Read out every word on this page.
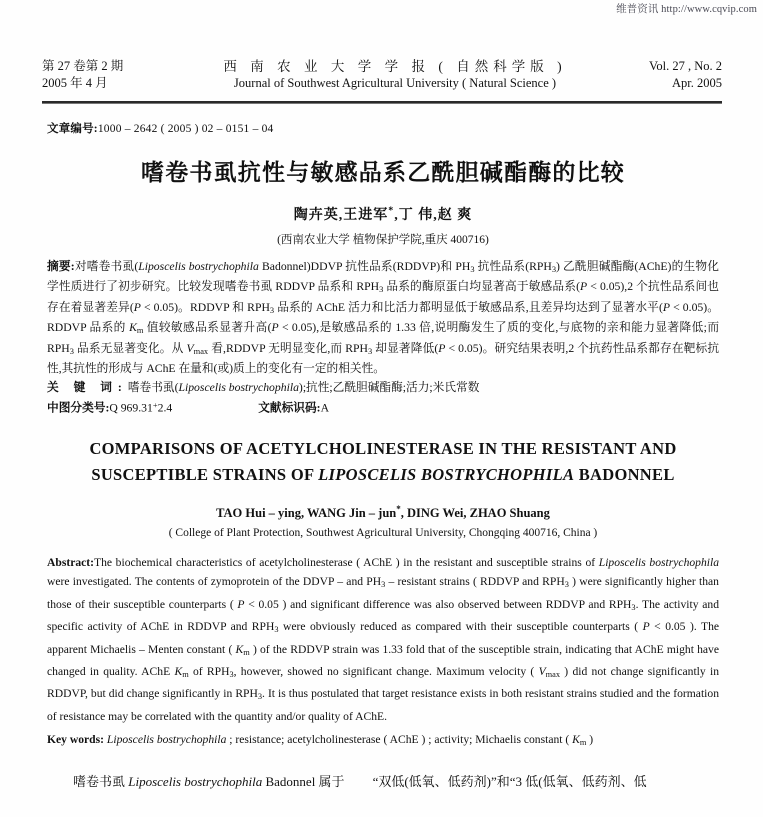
维普资讯 http://www.cqvip.com
第 27 卷第 2 期
2005 年 4 月
西 南 农 业 大 学 学 报 ( 自然科学版 )
Journal of Southwest Agricultural University ( Natural Science )
Vol. 27 , No. 2
Apr. 2005

文章编号:1000 – 2642 ( 2005 ) 02 – 0151 – 04

嗜卷书虱抗性与敏感品系乙酰胆碱酯酶的比较

陶卉英,王进军*,丁 伟,赵 爽

(西南农业大学 植物保护学院,重庆 400716)

摘要:对嗜卷书虱(Liposcelis bostrychophila Badonnel)DDVP 抗性品系(RDDVP)和 $PH_3$ 抗性品系$(RPH_3)$ 乙酰胆碱酯酶(AChE)的生物化学性质进行了初步研究。比较发现嗜卷书虱 RDDVP 品系和 $RPH_3$ 品系的酶原蛋白均显著高于敏感品系(P < 0.05),2 个抗性品系间也存在着显著差异(P < 0.05)。RDDVP 和 $RPH_3$ 品系的 AChE 活力和比活力都明显低于敏感品系,且差异均达到了显著水平(P < 0.05)。RDDVP 品系的 $K_m$ 值较敏感品系显著升高(P < 0.05),是敏感品系的 1.33 倍,说明酶发生了质的变化,与底物的亲和能力显著降低;而 $RPH_3$ 品系无显著变化。从 $V_{max}$ 看,RDDVP 无明显变化,而 $RPH_3$ 却显著降低(P < 0.05)。研究结果表明,2 个抗药性品系都存在靶标抗性,其抗性的形成与 AChE 在量和(或)质上的变化有一定的相关性。

关 键 词:嗜卷书虱(Liposcelis bostrychophila);抗性;乙酰胆碱酯酶;活力;米氏常数

中图分类号:Q 969.31+2.4	文献标识码:A

COMPARISONS OF ACETYLCHOLINESTERASE IN THE RESISTANT AND
SUSCEPTIBLE STRAINS OF LIPOSCELIS BOSTRYCHOPHILA BADONNEL

TAO Hui – ying, WANG Jin – jun*, DING Wei, ZHAO Shuang

( College of Plant Protection, Southwest Agricultural University, Chongqing 400716, China )

Abstract:The biochemical characteristics of acetylcholinesterase ( AChE ) in the resistant and susceptible strains of Liposcelis bostrychophila were investigated. The contents of zymoprotein of the DDVP – and $PH_3$ – resistant strains ( RDDVP and $RPH_3$ ) were significantly higher than those of their susceptible counterparts ( P < 0.05 ) and significant difference was also observed between RDDVP and $RPH_3$. The activity and specific activity of AChE in RDDVP and $RPH_3$ were obviously reduced as compared with their susceptible counterparts ( P < 0.05 ). The apparent Michaelis – Menten constant ( $K_m$ ) of the RDDVP strain was 1.33 fold that of the susceptible strain, indicating that AChE might have changed in quality. AChE $K_m$ of $RPH_3$, however, showed no significant change. Maximum velocity ( $V_{max}$ ) did not change significantly in RDDVP, but did change significantly in $RPH_3$. It is thus postulated that target resistance exists in both resistant strains studied and the formation of resistance may be correlated with the quantity and/or quality of AChE.

Key words: Liposcelis bostrychophila ; resistance; acetylcholinesterase ( AChE ) ; activity; Michaelis constant ( $K_m$ )

嗜卷书虱 Liposcelis bostrychophila Badonnel 属于 “双低(低氧、低药剂)”和“3 低(低氧、低药剂、低
